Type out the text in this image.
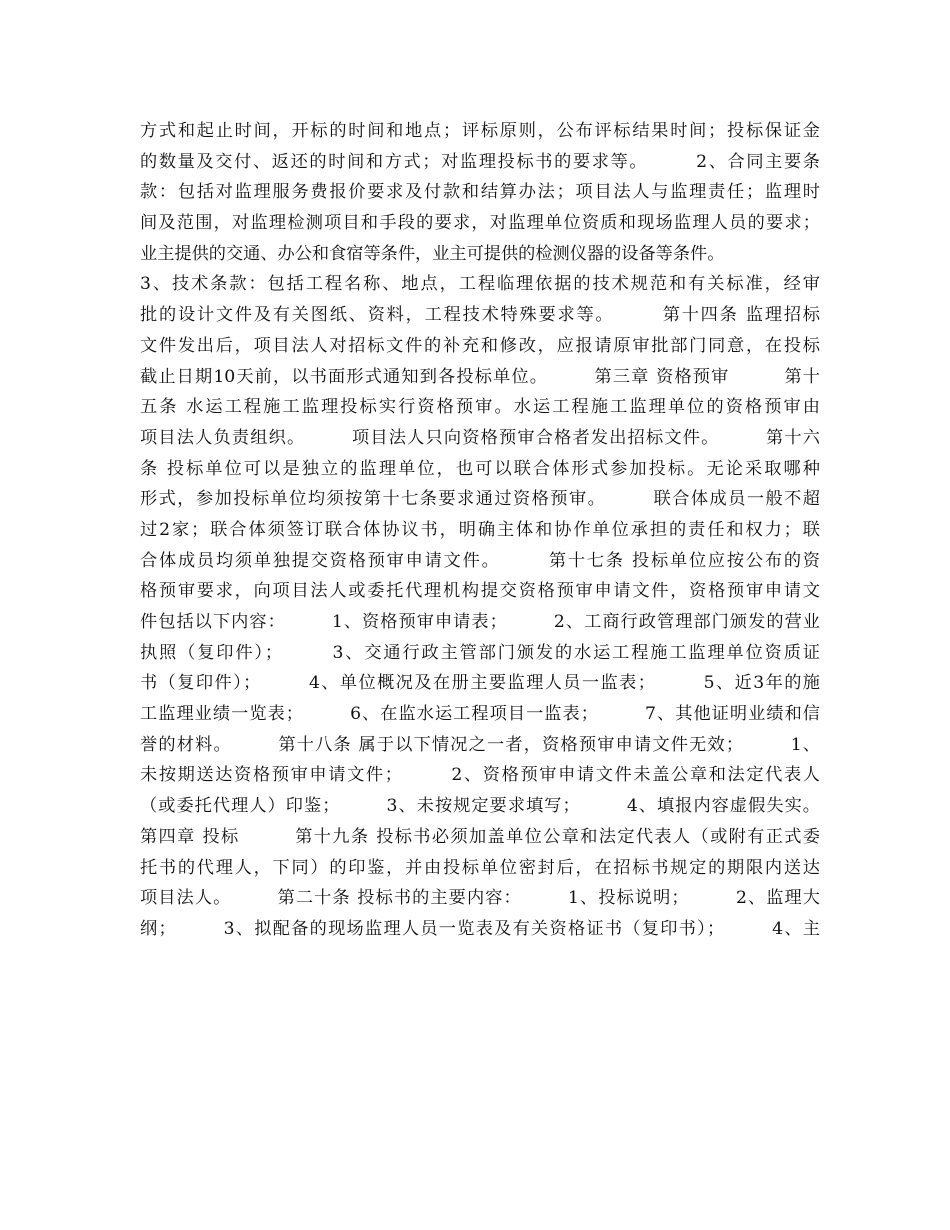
方式和起止时间，开标的时间和地点；评标原则，公布评标结果时间；投标保证金
的数量及交付、返还的时间和方式；对监理投标书的要求等。　　　2、合同主要条
款：包括对监理服务费报价要求及付款和结算办法；项目法人与监理责任；监理时
间及范围，对监理检测项目和手段的要求，对监理单位资质和现场监理人员的要求；
业主提供的交通、办公和食宿等条件，业主可提供的检测仪器的设备等条件。
3、技术条款：包括工程名称、地点，工程临理依据的技术规范和有关标准，经审
批的设计文件及有关图纸、资料，工程技术特殊要求等。　　　第十四条 监理招标
文件发出后，项目法人对招标文件的补充和修改，应报请原审批部门同意，在投标
截止日期10天前，以书面形式通知到各投标单位。　　　第三章 资格预审　　　第十
五条 水运工程施工监理投标实行资格预审。水运工程施工监理单位的资格预审由
项目法人负责组织。　　　项目法人只向资格预审合格者发出招标文件。　　　第十六
条 投标单位可以是独立的监理单位，也可以联合体形式参加投标。无论采取哪种
形式，参加投标单位均须按第十七条要求通过资格预审。　　　联合体成员一般不超
过2家；联合体须签订联合体协议书，明确主体和协作单位承担的责任和权力；联
合体成员均须单独提交资格预审申请文件。　　　第十七条 投标单位应按公布的资
格预审要求，向项目法人或委托代理机构提交资格预审申请文件，资格预审申请文
件包括以下内容：　　　1、资格预审申请表；　　　2、工商行政管理部门颁发的营业
执照（复印件）；　　　3、交通行政主管部门颁发的水运工程施工监理单位资质证
书（复印件）；　　　4、单位概况及在册主要监理人员一监表；　　　5、近3年的施
工监理业绩一览表；　　　6、在监水运工程项目一监表；　　　7、其他证明业绩和信
誉的材料。　　　第十八条 属于以下情况之一者，资格预审申请文件无效；　　　1、
未按期送达资格预审申请文件；　　　2、资格预审申请文件未盖公章和法定代表人
（或委托代理人）印鉴；　　　3、未按规定要求填写；　　　4、填报内容虚假失实。
第四章 投标　　　第十九条 投标书必须加盖单位公章和法定代表人（或附有正式委
托书的代理人，下同）的印鉴，并由投标单位密封后，在招标书规定的期限内送达
项目法人。　　　第二十条 投标书的主要内容：　　　1、投标说明；　　　2、监理大
纲；　　　3、拟配备的现场监理人员一览表及有关资格证书（复印书）；　　　4、主
